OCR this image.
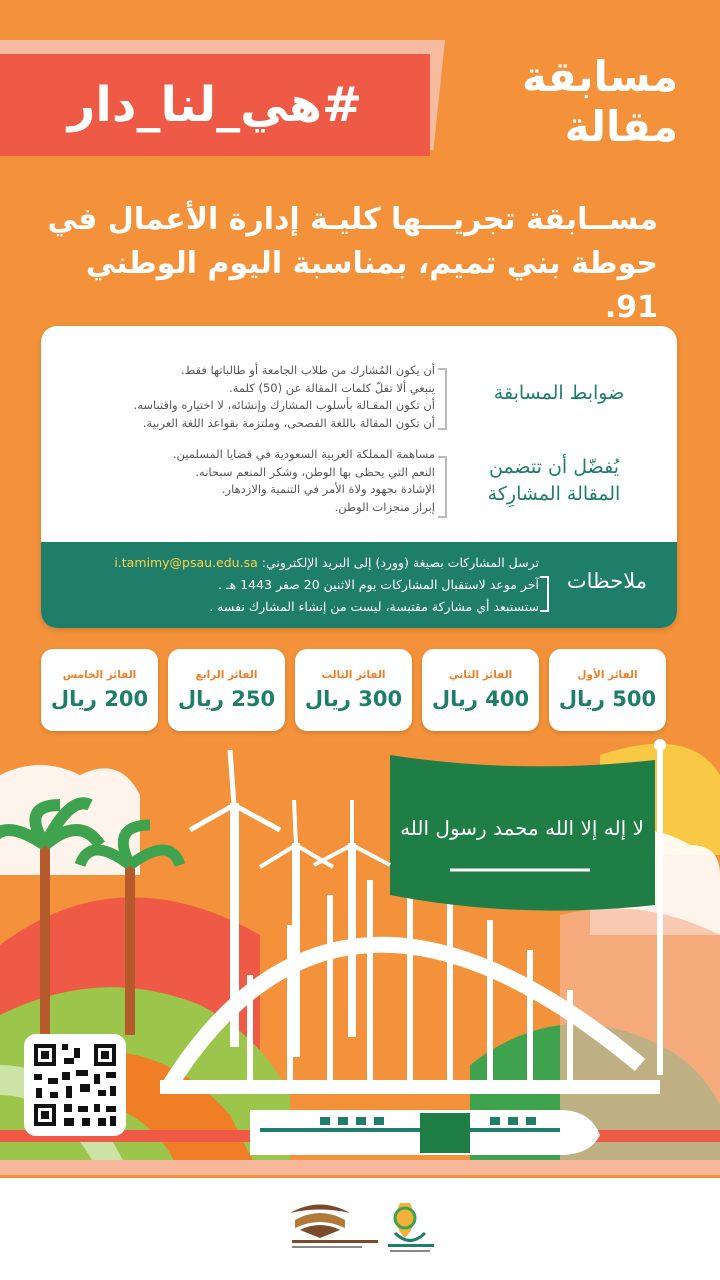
#هي_لنا_دار
مسابقة
مقالة
مســابقة تجريـــها كليـة إدارة الأعمال في
حوطة بني تميم، بمناسبة اليوم الوطني 91.
ضوابط المسابقة
أن يكون المُشارك من طلاب الجامعة أو طالباتها فقط.
ينبغي ألا تقلّ كلمات المقالة عن (50) كلمة.
أن تكون المقـالة بأسلوب المشارك وإنشائه، لا اختياره واقتباسه.
أن تكون المقالة باللغة الفصحى، وملتزمة بقواعد اللغة العربية.
يُفضّل أن تتضمن
المقالة المشارِكة
مساهمة المملكة العربية السعودية في قضايا المسلمين.
النعم التي يحظى بها الوطن، وشكر المنعم سبحانه.
الإشادة بجهود ولاة الأمر في التنمية والازدهار.
إبراز منجزات الوطن.
ملاحظات
ترسل المشاركات بصيغة (وورد) إلى البريد الإلكتروني: i.tamimy@psau.edu.sa
آخر موعد لاستقبال المشاركات يوم الاثنين 20 صفر 1443 هـ .
ستستبعد أي مشاركة مقتبسة، ليست من إنشاء المشارك نفسه .
الفائز الأول
500 ريال
الفائز الثاني
400 ريال
الفائز الثالث
300 ريال
الفائز الرابع
250 ريال
الفائز الخامس
200 ريال
لا إله إلا الله محمد رسول الله
